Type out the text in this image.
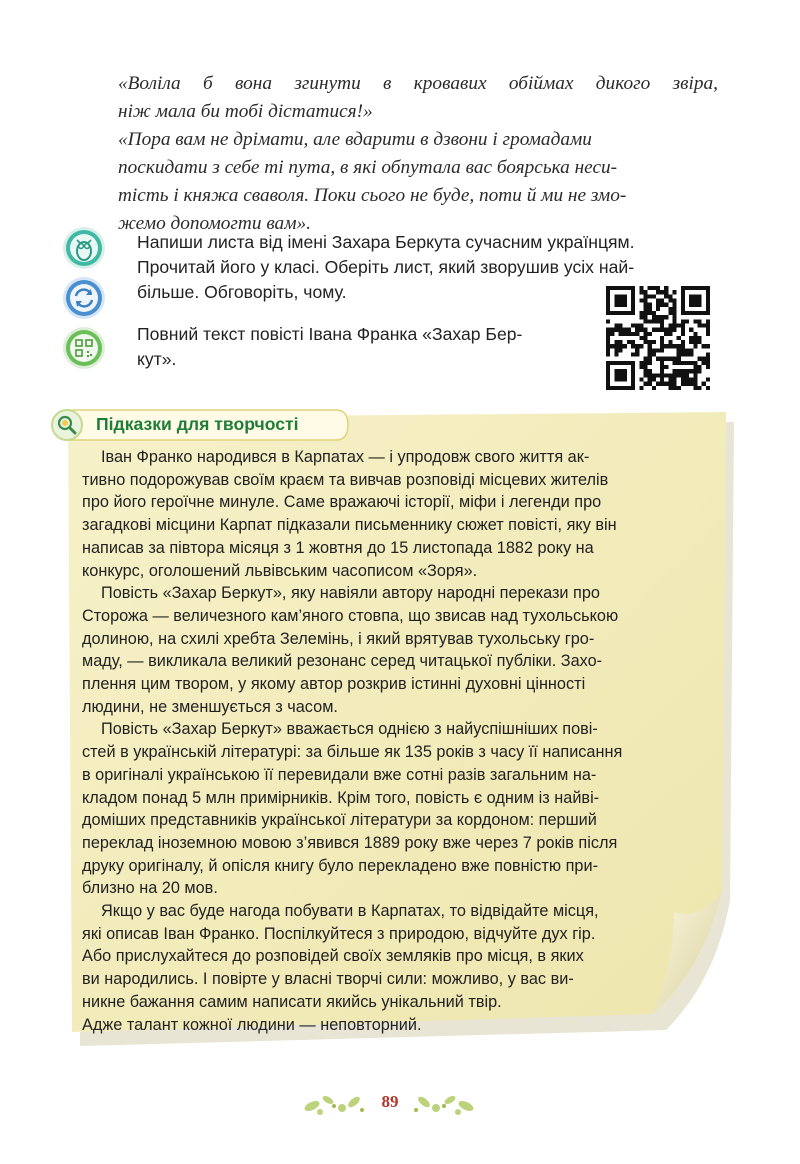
«Воліла б вона згинути в кровавих обіймах дикого звіра,
ніж мала би тобі дістатися!»
«Пора вам не дрімати, але вдарити в дзвони і громадами
поскидати з себе ті пута, в які обпутала вас боярська неси-
тість і княжа сваволя. Поки сього не буде, поти й ми не змо-
жемо допомогти вам».
Напиши листа від імені Захара Беркута сучасним українцям.
Прочитай його у класі. Оберіть лист, який зворушив усіх най-
більше. Обговоріть, чому.
Повний текст повісті Івана Франка «Захар Бер-
кут».
Підказки для творчості

Іван Франко народився в Карпатах — і упродовж свого життя ак-
тивно подорожував своїм краєм та вивчав розповіді місцевих жителів
про його героїчне минуле. Саме вражаючі історії, міфи і легенди про
загадкові місцини Карпат підказали письменнику сюжет повісті, яку він
написав за півтора місяця з 1 жовтня до 15 листопада 1882 року на
конкурс, оголошений львівським часописом «Зоря».

Повість «Захар Беркут», яку навіяли автору народні перекази про
Сторожа — величезного кам’яного стовпа, що звисав над тухольською
долиною, на схилі хребта Зелемінь, і який врятував тухольську гро-
маду, — викликала великий резонанс серед читацької публіки. Захо-
плення цим твором, у якому автор розкрив істинні духовні цінності
людини, не зменшується з часом.

Повість «Захар Беркут» вважається однією з найуспішніших пові-
стей в українській літературі: за більше як 135 років з часу її написання
в оригіналі українською її перевидали вже сотні разів загальним на-
кладом понад 5 млн примірників. Крім того, повість є одним із найві-
доміших представників української літератури за кордоном: перший
переклад іноземною мовою з’явився 1889 року вже через 7 років після
друку оригіналу, й опісля книгу було перекладено вже повністю при-
близно на 20 мов.

Якщо у вас буде нагода побувати в Карпатах, то відвідайте місця,
які описав Іван Франко. Поспілкуйтеся з природою, відчуйте дух гір.
Або прислухайтеся до розповідей своїх земляків про місця, в яких
ви народились. І повірте у власні творчі сили: можливо, у вас ви-
никне бажання самим написати якийсь унікальний твір.
Адже талант кожної людини — неповторний.

89
